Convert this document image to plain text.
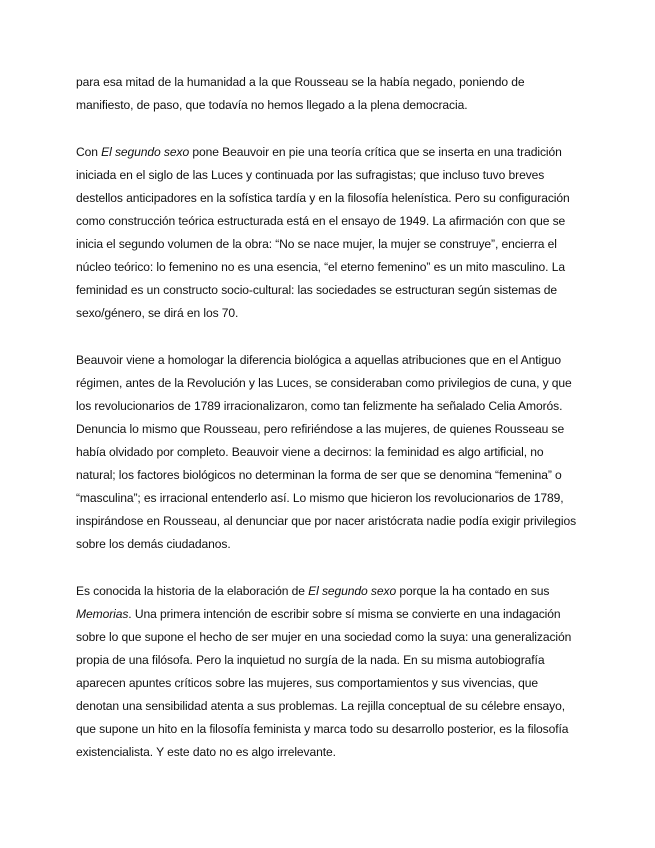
para esa mitad de la humanidad a la que Rousseau se la había negado, poniendo de
manifiesto, de paso, que todavía no hemos llegado a la plena democracia.

Con El segundo sexo pone Beauvoir en pie una teoría crítica que se inserta en una tradición
iniciada en el siglo de las Luces y continuada por las sufragistas; que incluso tuvo breves
destellos anticipadores en la sofística tardía y en la filosofía helenística. Pero su configuración
como construcción teórica estructurada está en el ensayo de 1949. La afirmación con que se
inicia el segundo volumen de la obra: “No se nace mujer, la mujer se construye”, encierra el
núcleo teórico: lo femenino no es una esencia, “el eterno femenino” es un mito masculino. La
feminidad es un constructo socio-cultural: las sociedades se estructuran según sistemas de
sexo/género, se dirá en los 70.

Beauvoir viene a homologar la diferencia biológica a aquellas atribuciones que en el Antiguo
régimen, antes de la Revolución y las Luces, se consideraban como privilegios de cuna, y que
los revolucionarios de 1789 irracionalizaron, como tan felizmente ha señalado Celia Amorós.
Denuncia lo mismo que Rousseau, pero refiriéndose a las mujeres, de quienes Rousseau se
había olvidado por completo. Beauvoir viene a decirnos: la feminidad es algo artificial, no
natural; los factores biológicos no determinan la forma de ser que se denomina “femenina” o
“masculina”; es irracional entenderlo así. Lo mismo que hicieron los revolucionarios de 1789,
inspirándose en Rousseau, al denunciar que por nacer aristócrata nadie podía exigir privilegios
sobre los demás ciudadanos.

Es conocida la historia de la elaboración de El segundo sexo porque la ha contado en sus
Memorias. Una primera intención de escribir sobre sí misma se convierte en una indagación
sobre lo que supone el hecho de ser mujer en una sociedad como la suya: una generalización
propia de una filósofa. Pero la inquietud no surgía de la nada. En su misma autobiografía
aparecen apuntes críticos sobre las mujeres, sus comportamientos y sus vivencias, que
denotan una sensibilidad atenta a sus problemas. La rejilla conceptual de su célebre ensayo,
que supone un hito en la filosofía feminista y marca todo su desarrollo posterior, es la filosofía
existencialista. Y este dato no es algo irrelevante.
